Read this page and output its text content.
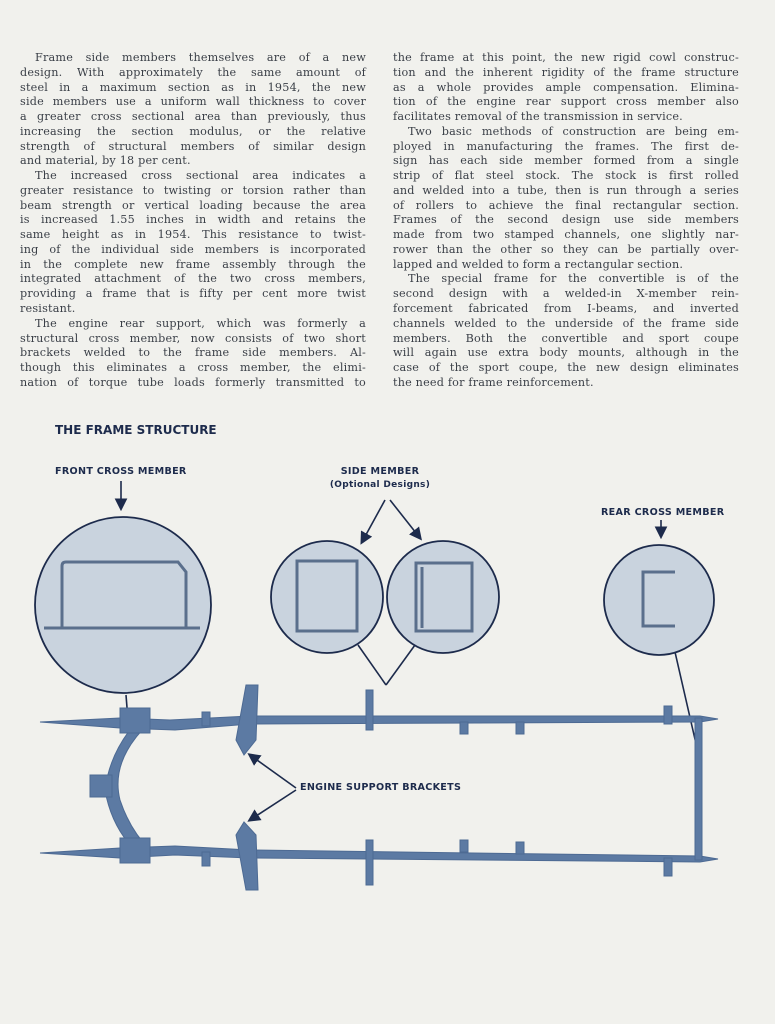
Frame side members themselves are of a new
design. With approximately the same amount of
steel in a maximum section as in 1954, the new
side members use a uniform wall thickness to cover
a greater cross sectional area than previously, thus
increasing the section modulus, or the relative
strength of structural members of similar design
and material, by 18 per cent.
The increased cross sectional area indicates a
greater resistance to twisting or torsion rather than
beam strength or vertical loading because the area
is increased 1.55 inches in width and retains the
same height as in 1954. This resistance to twist-
ing of the individual side members is incorporated
in the complete new frame assembly through the
integrated attachment of the two cross members,
providing a frame that is fifty per cent more twist
resistant.
The engine rear support, which was formerly a
structural cross member, now consists of two short
brackets welded to the frame side members. Al-
though this eliminates a cross member, the elimi-
nation of torque tube loads formerly transmitted to
the frame at this point, the new rigid cowl construc-
tion and the inherent rigidity of the frame structure
as a whole provides ample compensation. Elimina-
tion of the engine rear support cross member also
facilitates removal of the transmission in service.
Two basic methods of construction are being em-
ployed in manufacturing the frames. The first de-
sign has each side member formed from a single
strip of flat steel stock. The stock is first rolled
and welded into a tube, then is run through a series
of rollers to achieve the final rectangular section.
Frames of the second design use side members
made from two stamped channels, one slightly nar-
rower than the other so they can be partially over-
lapped and welded to form a rectangular section.
The special frame for the convertible is of the
second design with a welded-in X-member rein-
forcement fabricated from I-beams, and inverted
channels welded to the underside of the frame side
members. Both the convertible and sport coupe
will again use extra body mounts, although in the
case of the sport coupe, the new design eliminates
the need for frame reinforcement.
THE FRAME STRUCTURE
FRONT CROSS MEMBER	SIDE MEMBER
(Optional Designs)
REAR CROSS MEMBER
ENGINE SUPPORT BRACKETS
